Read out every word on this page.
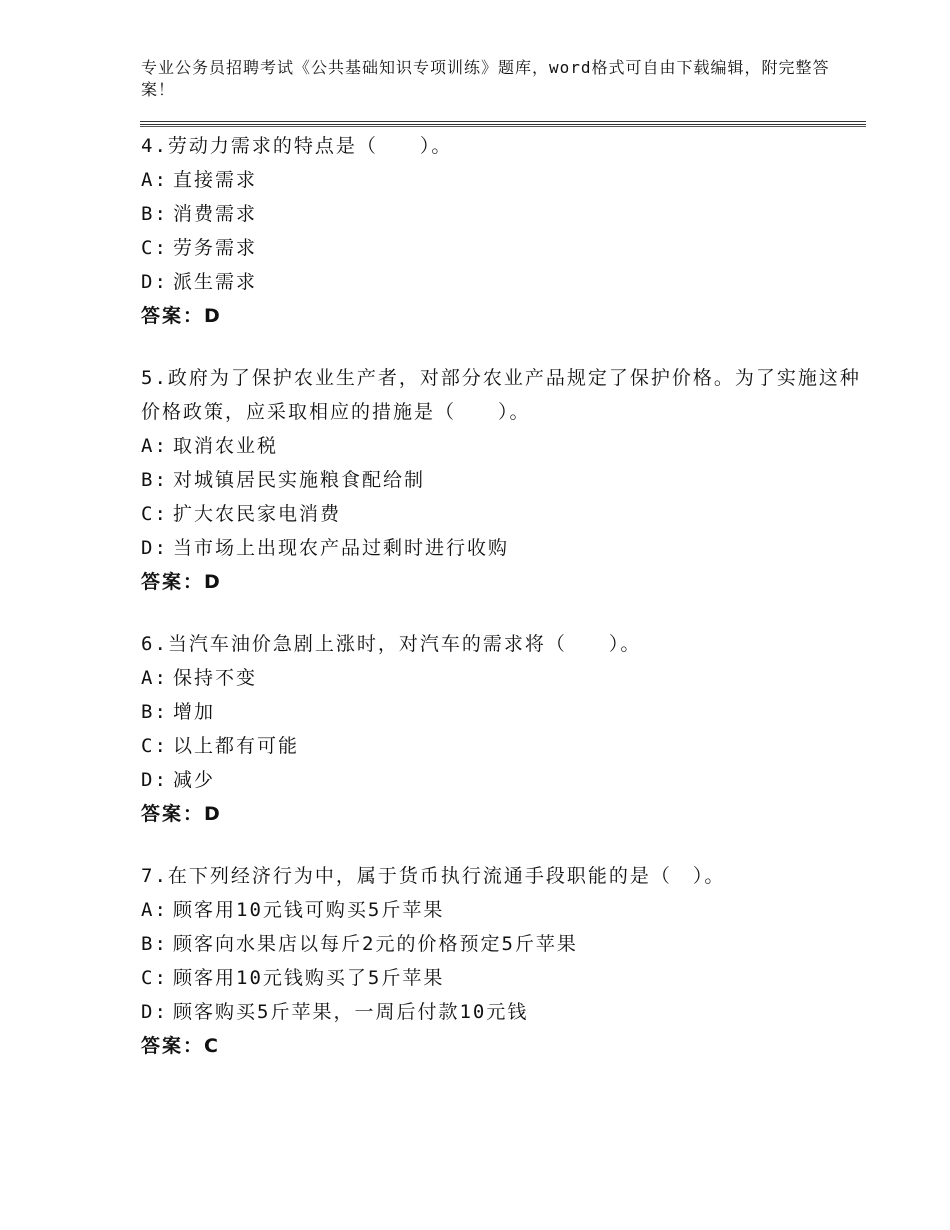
专业公务员招聘考试《公共基础知识专项训练》题库，word格式可自由下载编辑，附完整答案！
4.劳动力需求的特点是（　　）。
A: 直接需求
B: 消费需求
C: 劳务需求
D: 派生需求
答案：D
5.政府为了保护农业生产者，对部分农业产品规定了保护价格。为了实施这种价格政策，应采取相应的措施是（　　）。
A: 取消农业税
B: 对城镇居民实施粮食配给制
C: 扩大农民家电消费
D: 当市场上出现农产品过剩时进行收购
答案：D
6.当汽车油价急剧上涨时，对汽车的需求将（　　）。
A: 保持不变
B: 增加
C: 以上都有可能
D: 减少
答案：D
7.在下列经济行为中，属于货币执行流通手段职能的是（　）。
A: 顾客用10元钱可购买5斤苹果
B: 顾客向水果店以每斤2元的价格预定5斤苹果
C: 顾客用10元钱购买了5斤苹果
D: 顾客购买5斤苹果，一周后付款10元钱
答案：C
